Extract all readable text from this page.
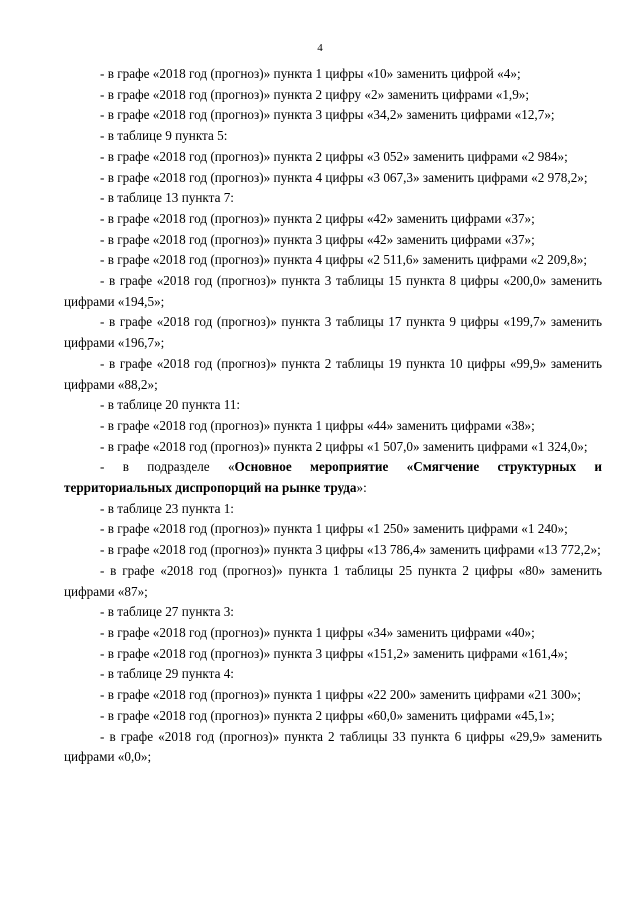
4

- в графе «2018 год (прогноз)» пункта 1 цифры «10» заменить цифрой «4»;

- в графе «2018 год (прогноз)» пункта 2 цифру «2» заменить цифрами «1,9»;

- в графе «2018 год (прогноз)» пункта 3 цифры «34,2» заменить цифрами «12,7»;

- в таблице 9 пункта 5:

- в графе «2018 год (прогноз)» пункта 2 цифры «3 052» заменить цифрами «2 984»;

- в графе «2018 год (прогноз)» пункта 4 цифры «3 067,3» заменить цифрами «2 978,2»;

- в таблице 13 пункта 7:

- в графе «2018 год (прогноз)» пункта 2 цифры «42» заменить цифрами «37»;

- в графе «2018 год (прогноз)» пункта 3 цифры «42» заменить цифрами «37»;

- в графе «2018 год (прогноз)» пункта 4 цифры «2 511,6» заменить цифрами «2 209,8»;

- в графе «2018 год (прогноз)» пункта 3 таблицы 15 пункта 8 цифры «200,0» заменить цифрами «194,5»;

- в графе «2018 год (прогноз)» пункта 3 таблицы 17 пункта 9 цифры «199,7» заменить цифрами «196,7»;

- в графе «2018 год (прогноз)» пункта 2 таблицы 19 пункта 10 цифры «99,9» заменить цифрами «88,2»;

- в таблице 20 пункта 11:

- в графе «2018 год (прогноз)» пункта 1 цифры «44» заменить цифрами «38»;

- в графе «2018 год (прогноз)» пункта 2 цифры «1 507,0» заменить цифрами «1 324,0»;

- в подразделе «Основное мероприятие «Смягчение структурных и территориальных диспропорций на рынке труда»:

- в таблице 23 пункта 1:

- в графе «2018 год (прогноз)» пункта 1 цифры «1 250» заменить цифрами «1 240»;

- в графе «2018 год (прогноз)» пункта 3 цифры «13 786,4» заменить цифрами «13 772,2»;

- в графе «2018 год (прогноз)» пункта 1 таблицы 25 пункта 2 цифры «80» заменить цифрами «87»;

- в таблице 27 пункта 3:

- в графе «2018 год (прогноз)» пункта 1 цифры «34» заменить цифрами «40»;

- в графе «2018 год (прогноз)» пункта 3 цифры «151,2» заменить цифрами «161,4»;

- в таблице 29 пункта 4:

- в графе «2018 год (прогноз)» пункта 1 цифры «22 200» заменить цифрами «21 300»;

- в графе «2018 год (прогноз)» пункта 2 цифры «60,0» заменить цифрами «45,1»;

- в графе «2018 год (прогноз)» пункта 2 таблицы 33 пункта 6 цифры «29,9» заменить цифрами «0,0»;
